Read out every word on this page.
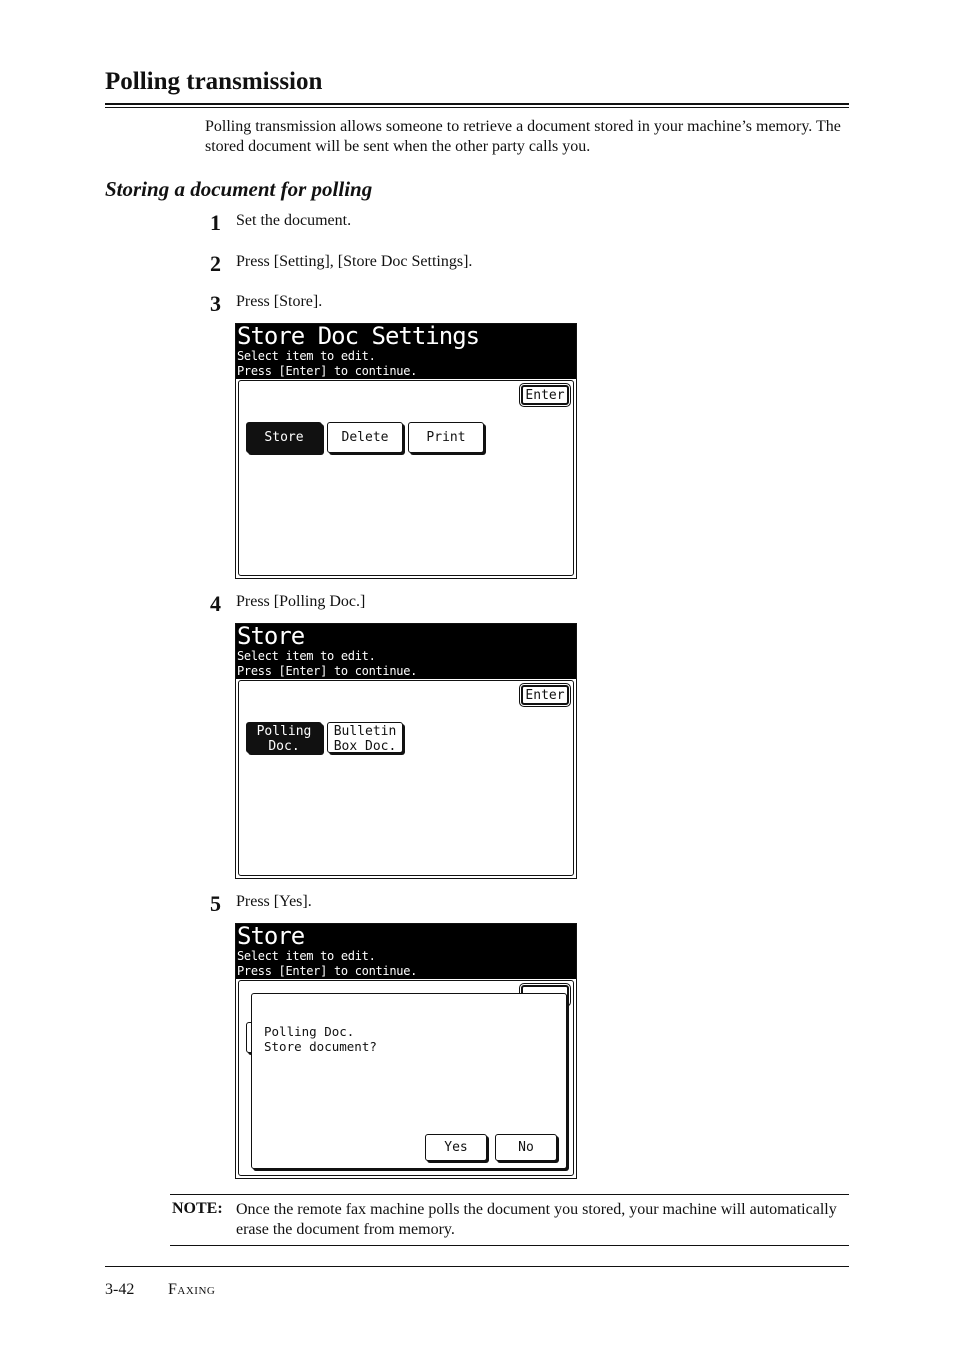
Polling transmission
Polling transmission allows someone to retrieve a document stored in your machine’s memory. The stored document will be sent when the other party calls you.
Storing a document for polling
1 Set the document.
2 Press [Setting], [Store Doc Settings].
3 Press [Store].
Store Doc Settings
Select item to edit.
Press [Enter] to continue.
Enter
Store	Delete	Print
4 Press [Polling Doc.]
Store
Select item to edit.
Press [Enter] to continue.
Enter
Polling
Doc.
Bulletin
Box Doc.
5 Press [Yes].
Store
Select item to edit.
Press [Enter] to continue.
Polling Doc.
Store document?
Yes	No
NOTE: Once the remote fax machine polls the document you stored, your machine will automatically erase the document from memory.
3-42 Faxing
